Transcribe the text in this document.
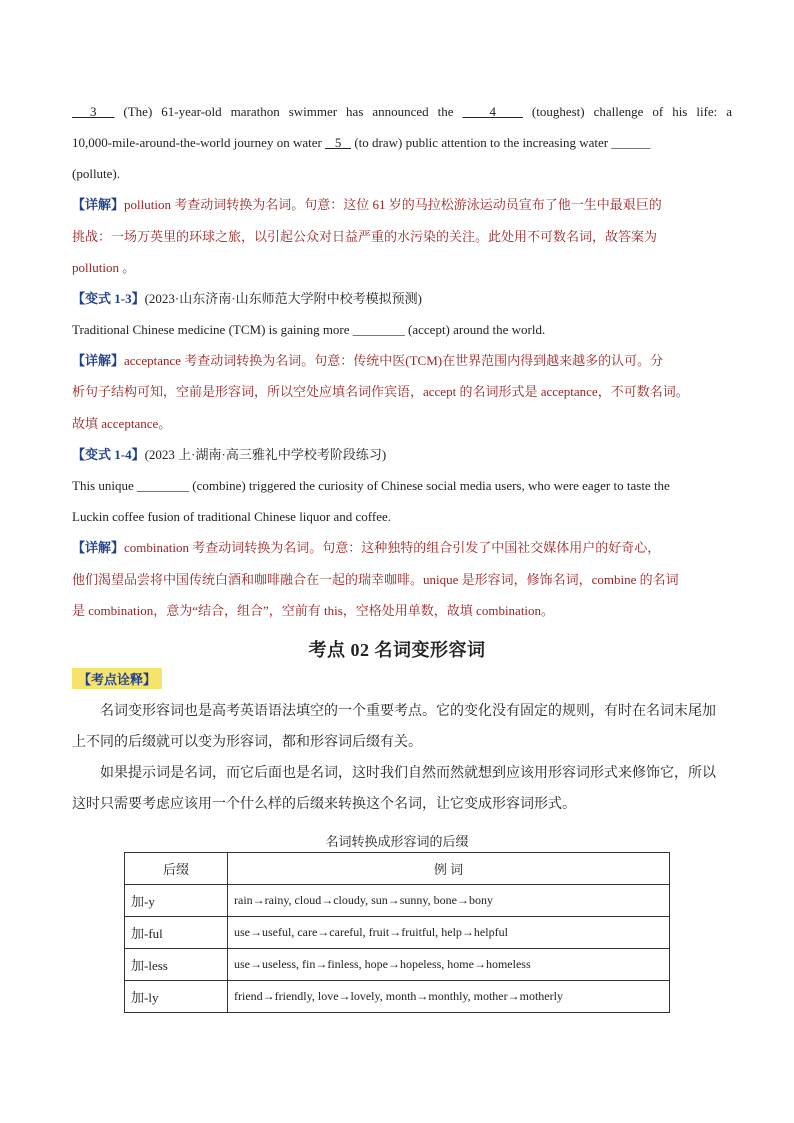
3   (The) 61-year-old marathon swimmer has announced the    4    (toughest) challenge of his life: a
10,000-mile-around-the-world journey on water    5    (to draw) public attention to the increasing water ______
(pollute).
【详解】pollution 考查动词转换为名词。句意：这位 61 岁的马拉松游泳运动员宣布了他一生中最艰巨的
挑战：一场万英里的环球之旅，以引起公众对日益严重的水污染的关注。此处用不可数名词，故答案为
pollution 。
【变式 1-3】(2023·山东济南·山东师范大学附中校考模拟预测)
Traditional Chinese medicine (TCM) is gaining more ________ (accept) around the world.
【详解】acceptance 考查动词转换为名词。句意：传统中医(TCM)在世界范围内得到越来越多的认可。分
析句子结构可知，空前是形容词，所以空处应填名词作宾语，accept 的名词形式是 acceptance，不可数名词。
故填 acceptance。
【变式 1-4】(2023 上·湖南·高三雅礼中学校考阶段练习)
This unique ________ (combine) triggered the curiosity of Chinese social media users, who were eager to taste the
Luckin coffee fusion of traditional Chinese liquor and coffee.
【详解】combination 考查动词转换为名词。句意：这种独特的组合引发了中国社交媒体用户的好奇心，
他们渴望品尝将中国传统白酒和咖啡融合在一起的瑞幸咖啡。unique 是形容词，修饰名词，combine 的名词
是 combination，意为“结合，组合”，空前有 this，空格处用单数，故填 combination。
考点 02 名词变形容词
【考点诠释】
名词变形容词也是高考英语语法填空的一个重要考点。它的变化没有固定的规则，有时在名词末尾加
上不同的后缀就可以变为形容词，都和形容词后缀有关。
如果提示词是名词，而它后面也是名词，这时我们自然而然就想到应该用形容词形式来修饰它，所以
这时只需要考虑应该用一个什么样的后缀来转换这个名词，让它变成形容词形式。
名词转换成形容词的后缀
后缀	例 词
加-y	rain→rainy, cloud→cloudy, sun→sunny, bone→bony
加-ful	use→useful, care→careful, fruit→fruitful, help→helpful
加-less	use→useless, fin→finless, hope→hopeless, home→homeless
加-ly	friend→friendly, love→lovely, month→monthly, mother→motherly
